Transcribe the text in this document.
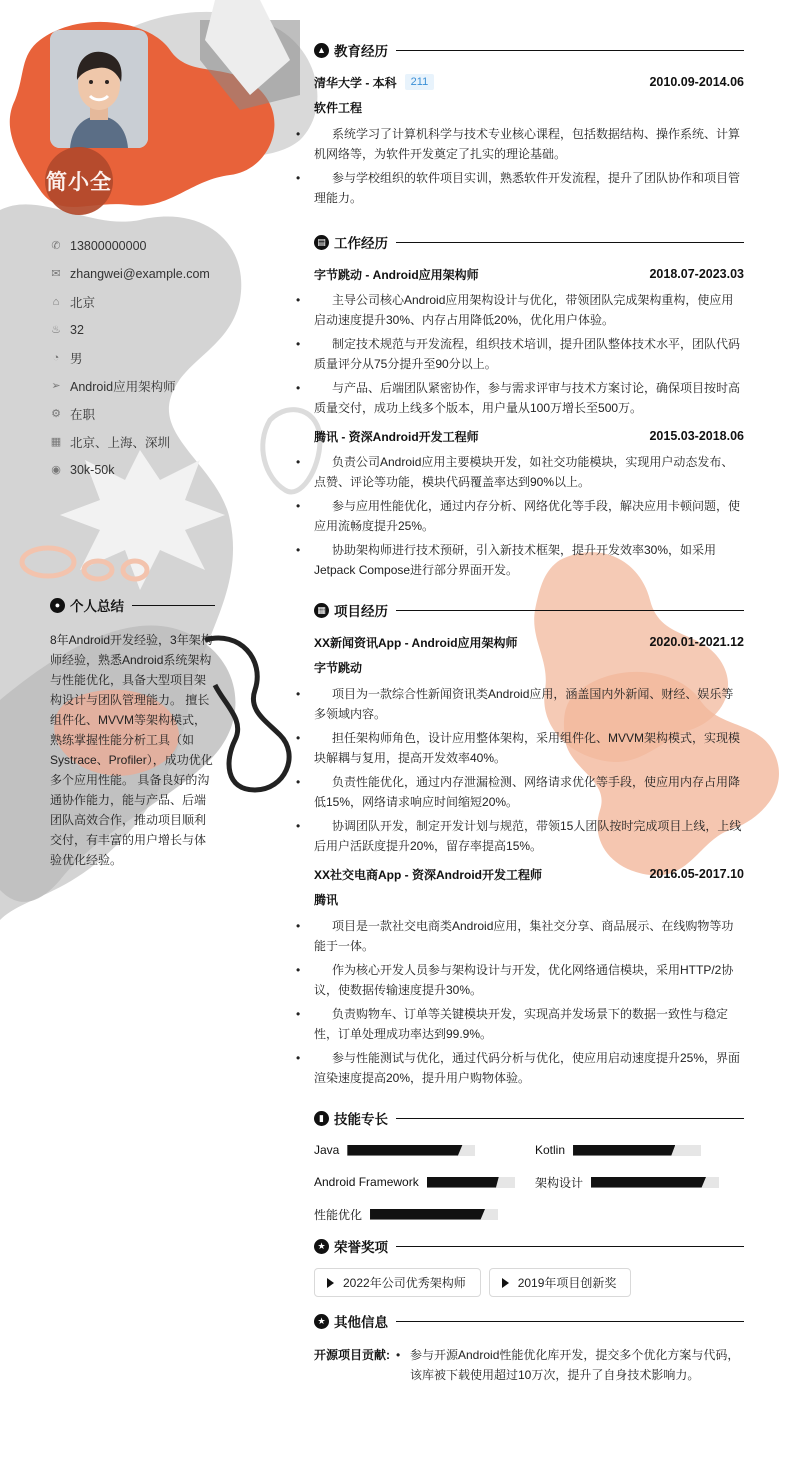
简小全
✆ 13800000000
✉ zhangwei@example.com
⌂ 北京
♨ 32
◔ 男
➢ Android应用架构师
⚙ 在职
▦ 北京、上海、深圳
◉ 30k-50k
● 个人总结
8年Android开发经验，3年架构师经验，熟悉Android系统架构与性能优化，具备大型项目架构设计与团队管理能力。 擅长组件化、MVVM等架构模式，熟练掌握性能分析工具（如Systrace、Profiler），成功优化多个应用性能。 具备良好的沟通协作能力，能与产品、后端团队高效合作，推动项目顺利交付，有丰富的用户增长与体验优化经验。
▲ 教育经历
清华大学 - 本科	211	2010.09-2014.06
软件工程
• 系统学习了计算机科学与技术专业核心课程，包括数据结构、操作系统、计算机网络等，为软件开发奠定了扎实的理论基础。
• 参与学校组织的软件项目实训，熟悉软件开发流程，提升了团队协作和项目管理能力。
▤ 工作经历
字节跳动 - Android应用架构师	2018.07-2023.03
• 主导公司核心Android应用架构设计与优化，带领团队完成架构重构，使应用启动速度提升30%、内存占用降低20%，优化用户体验。
• 制定技术规范与开发流程，组织技术培训，提升团队整体技术水平，团队代码质量评分从75分提升至90分以上。
• 与产品、后端团队紧密协作，参与需求评审与技术方案讨论，确保项目按时高质量交付，成功上线多个版本，用户量从100万增长至500万。
腾讯 - 资深Android开发工程师	2015.03-2018.06
• 负责公司Android应用主要模块开发，如社交功能模块，实现用户动态发布、点赞、评论等功能，模块代码覆盖率达到90%以上。
• 参与应用性能优化，通过内存分析、网络优化等手段，解决应用卡顿问题，使应用流畅度提升25%。
• 协助架构师进行技术预研，引入新技术框架，提升开发效率30%，如采用Jetpack Compose进行部分界面开发。
▦ 项目经历
XX新闻资讯App - Android应用架构师	2020.01-2021.12
字节跳动
• 项目为一款综合性新闻资讯类Android应用，涵盖国内外新闻、财经、娱乐等多领域内容。
• 担任架构师角色，设计应用整体架构，采用组件化、MVVM架构模式，实现模块解耦与复用，提高开发效率40%。
• 负责性能优化，通过内存泄漏检测、网络请求优化等手段，使应用内存占用降低15%，网络请求响应时间缩短20%。
• 协调团队开发，制定开发计划与规范，带领15人团队按时完成项目上线，上线后用户活跃度提升20%，留存率提高15%。
XX社交电商App - 资深Android开发工程师	2016.05-2017.10
腾讯
• 项目是一款社交电商类Android应用，集社交分享、商品展示、在线购物等功能于一体。
• 作为核心开发人员参与架构设计与开发，优化网络通信模块，采用HTTP/2协议，使数据传输速度提升30%。
• 负责购物车、订单等关键模块开发，实现高并发场景下的数据一致性与稳定性，订单处理成功率达到99.9%。
• 参与性能测试与优化，通过代码分析与优化，使应用启动速度提升25%，界面渲染速度提高20%，提升用户购物体验。
▮ 技能专长
Java	Kotlin
Android Framework	架构设计
性能优化
★ 荣誉奖项
2022年公司优秀架构师	2019年项目创新奖
★ 其他信息
开源项目贡献:
•	参与开源Android性能优化库开发，提交多个优化方案与代码，该库被下载使用超过10万次，提升了自身技术影响力。
